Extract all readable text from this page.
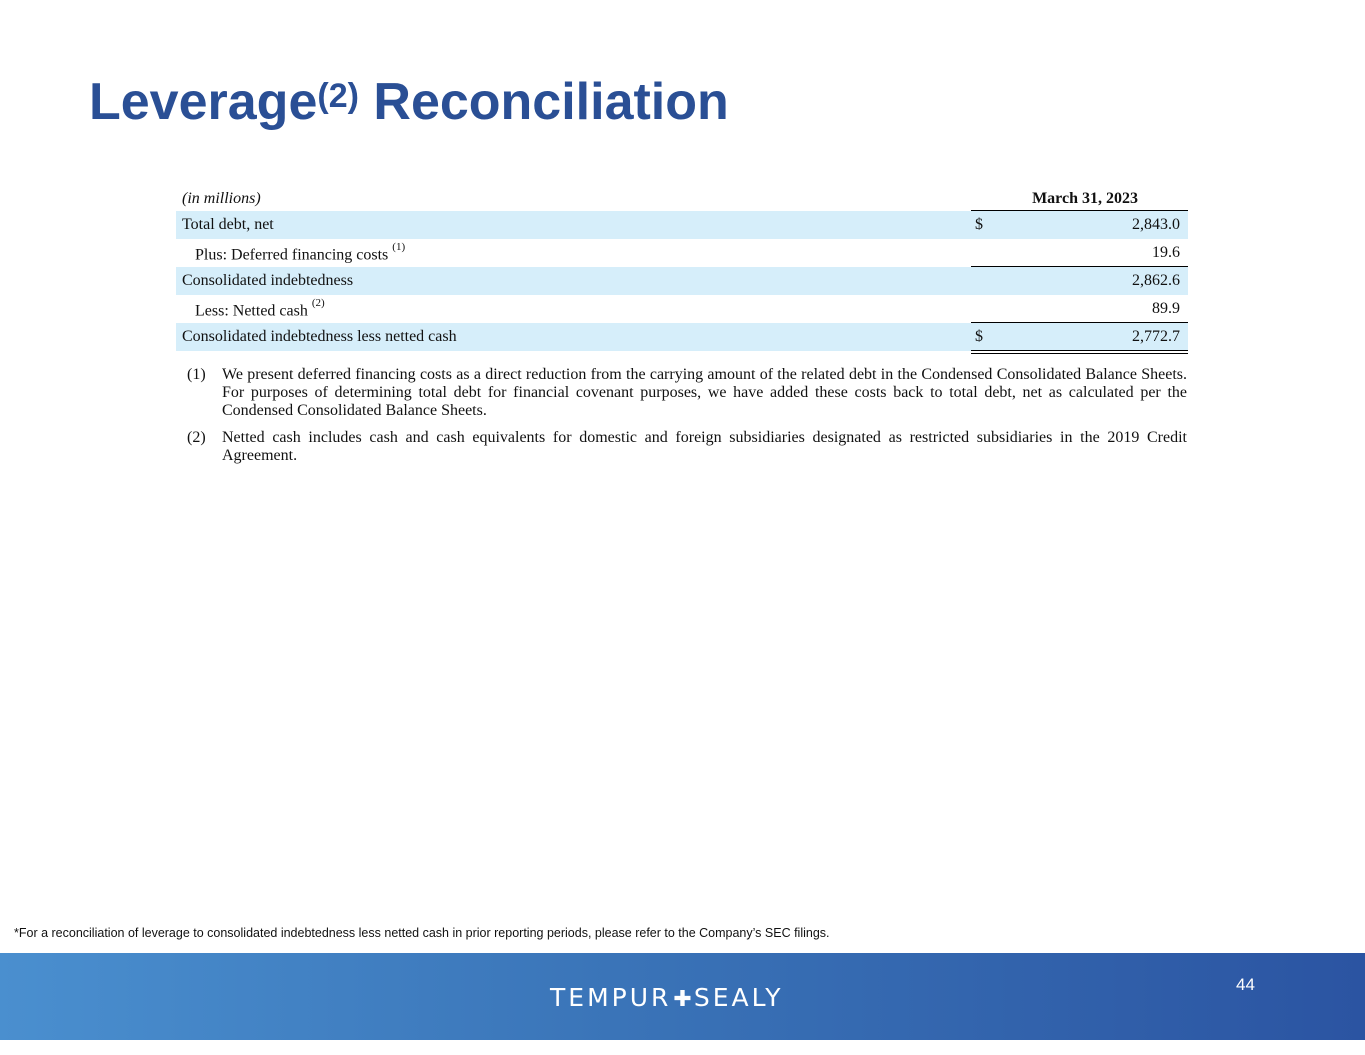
Leverage$^{(2)}$ Reconciliation
(in millions)	March 31, 2023
Total debt, net	$	2,843.0
Plus: Deferred financing costs $^{(1)}$	19.6
Consolidated indebtedness	2,862.6
Less: Netted cash $^{(2)}$	89.9
Consolidated indebtedness less netted cash	$	2,772.7
(1) We present deferred financing costs as a direct reduction from the carrying amount of the related debt in the Condensed Consolidated Balance Sheets. For purposes of determining total debt for financial covenant purposes, we have added these costs back to total debt, net as calculated per the Condensed Consolidated Balance Sheets.
(2) Netted cash includes cash and cash equivalents for domestic and foreign subsidiaries designated as restricted subsidiaries in the 2019 Credit Agreement.

*For a reconciliation of leverage to consolidated indebtedness less netted cash in prior reporting periods, please refer to the Company’s SEC filings.

TEMPUR✚SEALY	44
